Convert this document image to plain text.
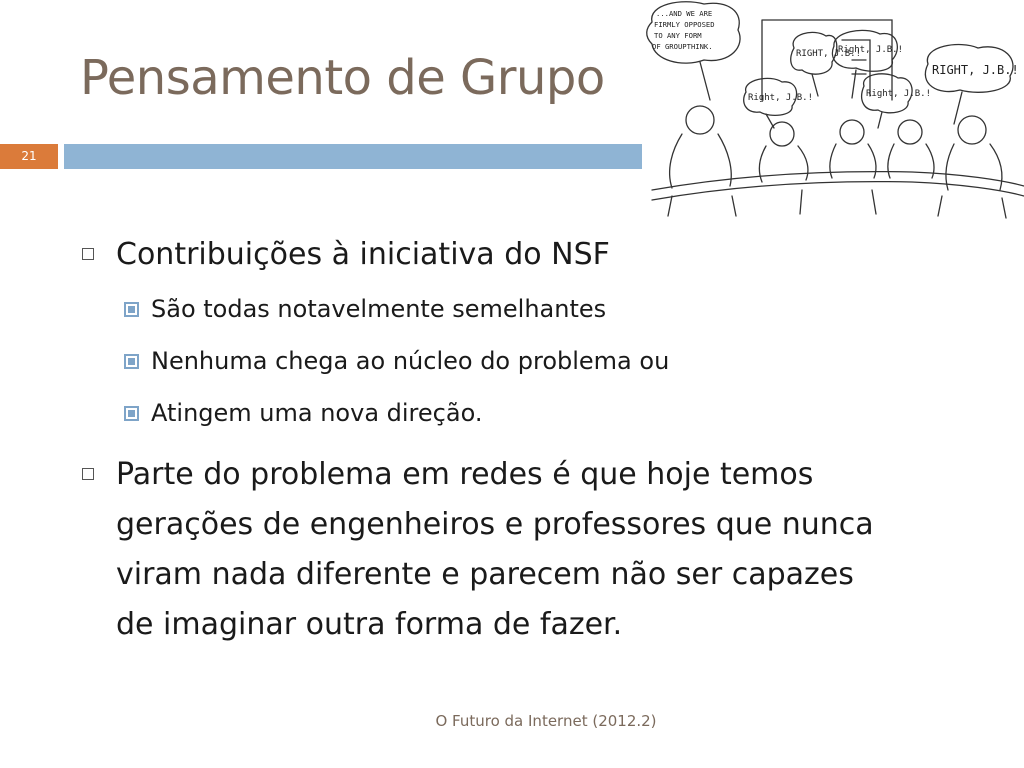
Pensamento de Grupo
21
...AND WE ARE
FIRMLY OPPOSED
TO ANY FORM
OF GROUPTHINK.
RIGHT, J.B.!
Right, J.B.!
Right, J.B.!
RIGHT, J.B.!
Right, J.B.!
Contribuições à iniciativa do NSF
São todas notavelmente semelhantes
Nenhuma chega ao núcleo do problema ou
Atingem uma nova direção.
Parte do problema em redes é que hoje temos
gerações de engenheiros e professores que nunca
viram nada diferente e parecem não ser capazes
de imaginar outra forma de fazer.
O Futuro da Internet (2012.2)
